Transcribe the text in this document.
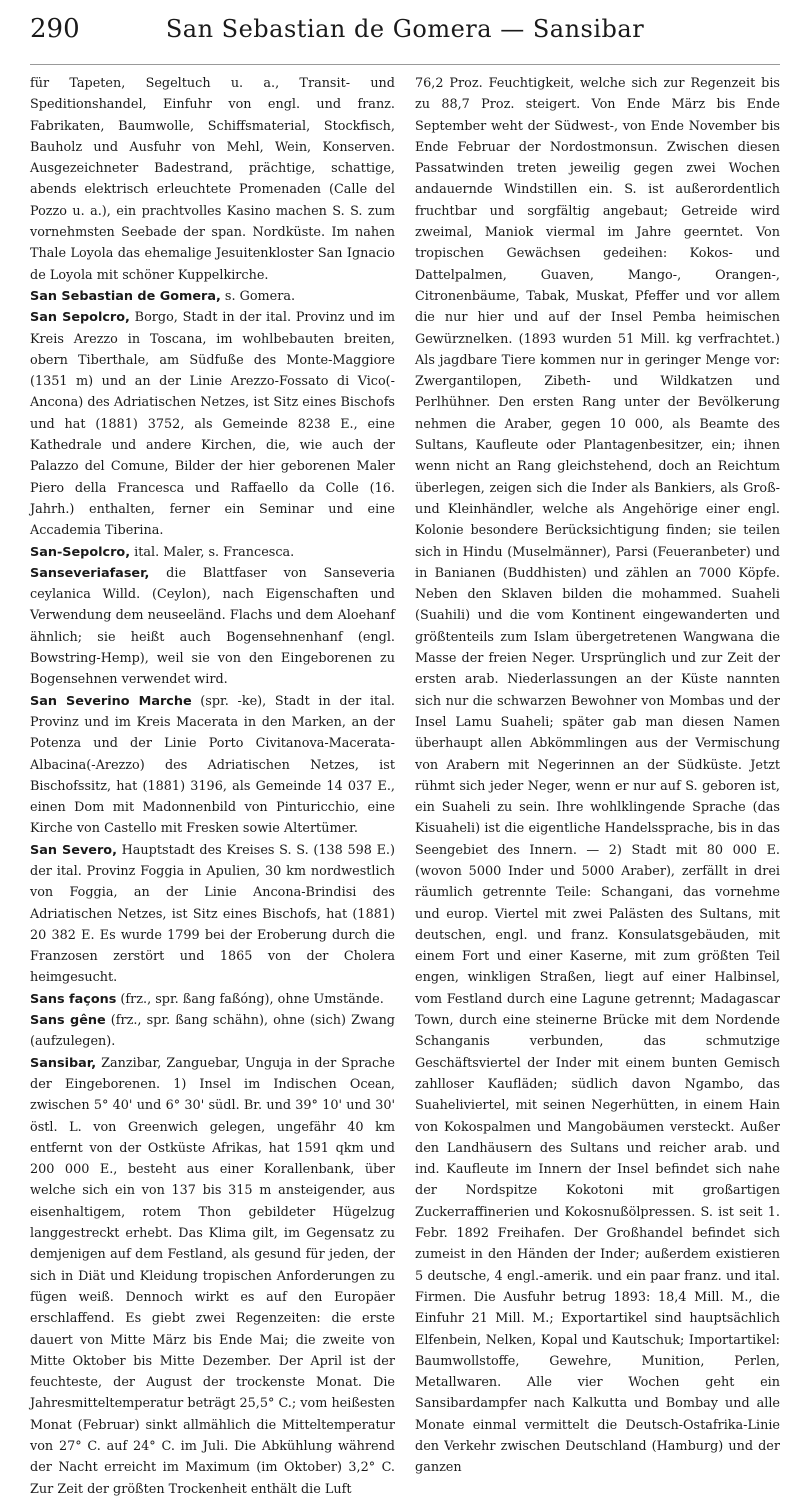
290	San Sebastian de Gomera — Sansibar

für Tapeten, Segeltuch u. a., Transit- und Speditionshandel, Einfuhr von engl. und franz. Fabrikaten, Baumwolle, Schiffsmaterial, Stockfisch, Bauholz und Ausfuhr von Mehl, Wein, Konserven. Ausgezeichneter Badestrand, prächtige, schattige, abends elektrisch erleuchtete Promenaden (Calle del Pozzo u. a.), ein prachtvolles Kasino machen S. S. zum vornehmsten Seebade der span. Nordküste. Im nahen Thale Loyola das ehemalige Jesuitenkloster San Ignacio de Loyola mit schöner Kuppelkirche.

San Sebastian de Gomera, s. Gomera.

San Sepolcro, Borgo, Stadt in der ital. Provinz und im Kreis Arezzo in Toscana, im wohlbebauten breiten, obern Tiberthale, am Südfuße des Monte-Maggiore (1351 m) und an der Linie Arezzo-Fossato di Vico(-Ancona) des Adriatischen Netzes, ist Sitz eines Bischofs und hat (1881) 3752, als Gemeinde 8238 E., eine Kathedrale und andere Kirchen, die, wie auch der Palazzo del Comune, Bilder der hier geborenen Maler Piero della Francesca und Raffaello da Colle (16. Jahrh.) enthalten, ferner ein Seminar und eine Accademia Tiberina.

San-Sepolcro, ital. Maler, s. Francesca.

Sanseveriafaser, die Blattfaser von Sanseveria ceylanica Willd. (Ceylon), nach Eigenschaften und Verwendung dem neuseeländ. Flachs und dem Aloehanf ähnlich; sie heißt auch Bogensehnenhanf (engl. Bowstring-Hemp), weil sie von den Eingeborenen zu Bogensehnen verwendet wird.

San Severino Marche (spr. -ke), Stadt in der ital. Provinz und im Kreis Macerata in den Marken, an der Potenza und der Linie Porto Civitanova-Macerata-Albacina(-Arezzo) des Adriatischen Netzes, ist Bischofssitz, hat (1881) 3196, als Gemeinde 14 037 E., einen Dom mit Madonnenbild von Pinturicchio, eine Kirche von Castello mit Fresken sowie Altertümer.

San Severo, Hauptstadt des Kreises S. S. (138 598 E.) der ital. Provinz Foggia in Apulien, 30 km nordwestlich von Foggia, an der Linie Ancona-Brindisi des Adriatischen Netzes, ist Sitz eines Bischofs, hat (1881) 20 382 E. Es wurde 1799 bei der Eroberung durch die Franzosen zerstört und 1865 von der Cholera heimgesucht.

Sans façons (frz., spr. ßang faßóng), ohne Umstände.

Sans gêne (frz., spr. ßang schähn), ohne (sich) Zwang (aufzulegen).

Sansibar, Zanzibar, Zanguebar, Unguja in der Sprache der Eingeborenen. 1) Insel im Indischen Ocean, zwischen 5° 40' und 6° 30' südl. Br. und 39° 10' und 30' östl. L. von Greenwich gelegen, ungefähr 40 km entfernt von der Ostküste Afrikas, hat 1591 qkm und 200 000 E., besteht aus einer Korallenbank, über welche sich ein von 137 bis 315 m ansteigender, aus eisenhaltigem, rotem Thon gebildeter Hügelzug langgestreckt erhebt. Das Klima gilt, im Gegensatz zu demjenigen auf dem Festland, als gesund für jeden, der sich in Diät und Kleidung tropischen Anforderungen zu fügen weiß. Dennoch wirkt es auf den Europäer erschlaffend. Es giebt zwei Regenzeiten: die erste dauert von Mitte März bis Ende Mai; die zweite von Mitte Oktober bis Mitte Dezember. Der April ist der feuchteste, der August der trockenste Monat. Die Jahresmitteltemperatur beträgt 25,5° C.; vom heißesten Monat (Februar) sinkt allmählich die Mitteltemperatur von 27° C. auf 24° C. im Juli. Die Abkühlung während der Nacht erreicht im Maximum (im Oktober) 3,2° C. Zur Zeit der größten Trockenheit enthält die Luft

76,2 Proz. Feuchtigkeit, welche sich zur Regenzeit bis zu 88,7 Proz. steigert. Von Ende März bis Ende September weht der Südwest-, von Ende November bis Ende Februar der Nordostmonsun. Zwischen diesen Passatwinden treten jeweilig gegen zwei Wochen andauernde Windstillen ein. S. ist außerordentlich fruchtbar und sorgfältig angebaut; Getreide wird zweimal, Maniok viermal im Jahre geerntet. Von tropischen Gewächsen gedeihen: Kokos- und Dattelpalmen, Guaven, Mango-, Orangen-, Citronenbäume, Tabak, Muskat, Pfeffer und vor allem die nur hier und auf der Insel Pemba heimischen Gewürznelken. (1893 wurden 51 Mill. kg verfrachtet.) Als jagdbare Tiere kommen nur in geringer Menge vor: Zwergantilopen, Zibeth- und Wildkatzen und Perlhühner. Den ersten Rang unter der Bevölkerung nehmen die Araber, gegen 10 000, als Beamte des Sultans, Kaufleute oder Plantagenbesitzer, ein; ihnen wenn nicht an Rang gleichstehend, doch an Reichtum überlegen, zeigen sich die Inder als Bankiers, als Groß- und Kleinhändler, welche als Angehörige einer engl. Kolonie besondere Berücksichtigung finden; sie teilen sich in Hindu (Muselmänner), Parsi (Feueranbeter) und in Banianen (Buddhisten) und zählen an 7000 Köpfe. Neben den Sklaven bilden die mohammed. Suaheli (Suahili) und die vom Kontinent eingewanderten und größtenteils zum Islam übergetretenen Wangwana die Masse der freien Neger. Ursprünglich und zur Zeit der ersten arab. Niederlassungen an der Küste nannten sich nur die schwarzen Bewohner von Mombas und der Insel Lamu Suaheli; später gab man diesen Namen überhaupt allen Abkömmlingen aus der Vermischung von Arabern mit Negerinnen an der Südküste. Jetzt rühmt sich jeder Neger, wenn er nur auf S. geboren ist, ein Suaheli zu sein. Ihre wohlklingende Sprache (das Kisuaheli) ist die eigentliche Handelssprache, bis in das Seengebiet des Innern. — 2) Stadt mit 80 000 E. (wovon 5000 Inder und 5000 Araber), zerfällt in drei räumlich getrennte Teile: Schangani, das vornehme und europ. Viertel mit zwei Palästen des Sultans, mit deutschen, engl. und franz. Konsulatsgebäuden, mit einem Fort und einer Kaserne, mit zum größten Teil engen, winkligen Straßen, liegt auf einer Halbinsel, vom Festland durch eine Lagune getrennt; Madagascar Town, durch eine steinerne Brücke mit dem Nordende Schanganis verbunden, das schmutzige Geschäftsviertel der Inder mit einem bunten Gemisch zahlloser Kaufläden; südlich davon Ngambo, das Suaheliviertel, mit seinen Negerhütten, in einem Hain von Kokospalmen und Mangobäumen versteckt. Außer den Landhäusern des Sultans und reicher arab. und ind. Kaufleute im Innern der Insel befindet sich nahe der Nordspitze Kokotoni mit großartigen Zuckerraffinerien und Kokosnußölpressen. S. ist seit 1. Febr. 1892 Freihafen. Der Großhandel befindet sich zumeist in den Händen der Inder; außerdem existieren 5 deutsche, 4 engl.-amerik. und ein paar franz. und ital. Firmen. Die Ausfuhr betrug 1893: 18,4 Mill. M., die Einfuhr 21 Mill. M.; Exportartikel sind hauptsächlich Elfenbein, Nelken, Kopal und Kautschuk; Importartikel: Baumwollstoffe, Gewehre, Munition, Perlen, Metallwaren. Alle vier Wochen geht ein Sansibardampfer nach Kalkutta und Bombay und alle Monate einmal vermittelt die Deutsch-Ostafrika-Linie den Verkehr zwischen Deutschland (Hamburg) und der ganzen
